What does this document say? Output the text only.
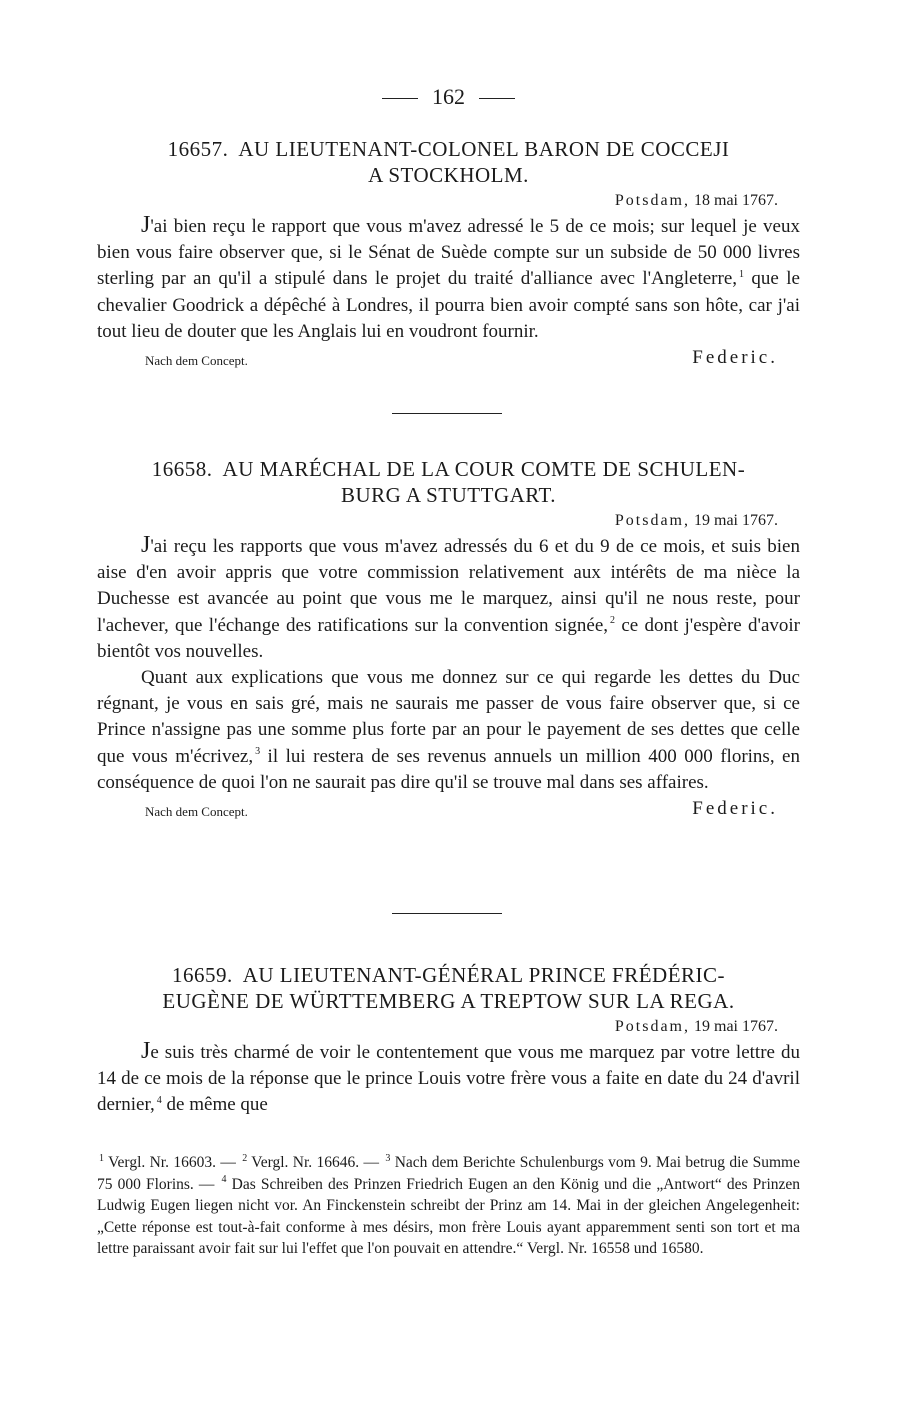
162
16657. AU LIEUTENANT-COLONEL BARON DE COCCEJI
A STOCKHOLM.
Potsdam, 18 mai 1767.

J'ai bien reçu le rapport que vous m'avez adressé le 5 de ce mois; sur lequel je veux bien vous faire observer que, si le Sénat de Suède compte sur un subside de 50 000 livres sterling par an qu'il a stipulé dans le projet du traité d'alliance avec l'Angleterre, $^1$ que le chevalier Goodrick a dépêché à Londres, il pourra bien avoir compté sans son hôte, car j'ai tout lieu de douter que les Anglais lui en voudront fournir.

Nach dem Concept.	Federic.
16658. AU MARÉCHAL DE LA COUR COMTE DE SCHULEN-
BURG A STUTTGART.
Potsdam, 19 mai 1767.

J'ai reçu les rapports que vous m'avez adressés du 6 et du 9 de ce mois, et suis bien aise d'en avoir appris que votre commission relativement aux intérêts de ma nièce la Duchesse est avancée au point que vous me le marquez, ainsi qu'il ne nous reste, pour l'achever, que l'échange des ratifications sur la convention signée, $^2$ ce dont j'espère d'avoir bientôt vos nouvelles.

Quant aux explications que vous me donnez sur ce qui regarde les dettes du Duc régnant, je vous en sais gré, mais ne saurais me passer de vous faire observer que, si ce Prince n'assigne pas une somme plus forte par an pour le payement de ses dettes que celle que vous m'écrivez, $^3$ il lui restera de ses revenus annuels un million 400 000 florins, en conséquence de quoi l'on ne saurait pas dire qu'il se trouve mal dans ses affaires.

Nach dem Concept.	Federic.
16659. AU LIEUTENANT-GÉNÉRAL PRINCE FRÉDÉRIC-
EUGÈNE DE WÜRTTEMBERG A TREPTOW SUR LA REGA.
Potsdam, 19 mai 1767.

Je suis très charmé de voir le contentement que vous me marquez par votre lettre du 14 de ce mois de la réponse que le prince Louis votre frère vous a faite en date du 24 d'avril dernier, $^4$ de même que

$^1$ Vergl. Nr. 16603. — $^2$ Vergl. Nr. 16646. — $^3$ Nach dem Berichte Schulenburgs vom 9. Mai betrug die Summe 75 000 Florins. — $^4$ Das Schreiben des Prinzen Friedrich Eugen an den König und die „Antwort“ des Prinzen Ludwig Eugen liegen nicht vor. An Finckenstein schreibt der Prinz am 14. Mai in der gleichen Angelegenheit: „Cette réponse est tout-à-fait conforme à mes désirs, mon frère Louis ayant apparemment senti son tort et ma lettre paraissant avoir fait sur lui l'effet que l'on pouvait en attendre.“ Vergl. Nr. 16558 und 16580.
